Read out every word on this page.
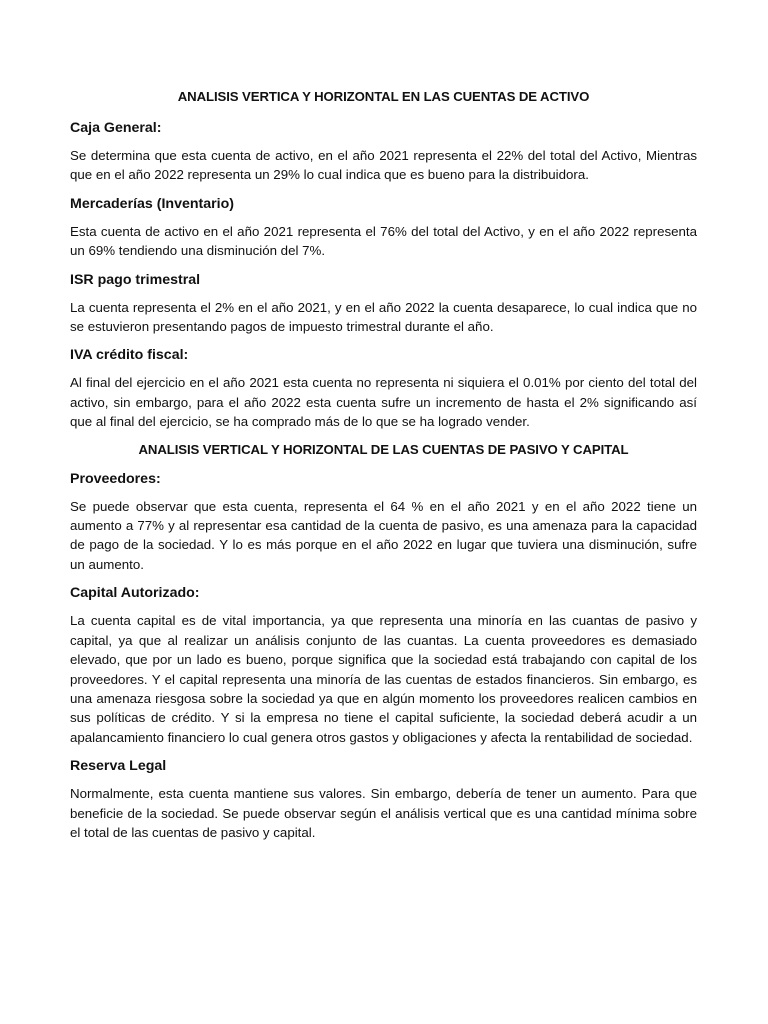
ANALISIS VERTICA Y HORIZONTAL EN LAS CUENTAS DE ACTIVO
Caja General:

Se determina que esta cuenta de activo, en el año 2021 representa el 22% del total del Activo, Mientras que en el año 2022 representa un 29% lo cual indica que es bueno para la distribuidora.

Mercaderías (Inventario)

Esta cuenta de activo en el año 2021 representa el 76% del total del Activo, y en el año 2022 representa un 69% tendiendo una disminución del 7%.

ISR pago trimestral

La cuenta representa el 2% en el año 2021, y en el año 2022 la cuenta desaparece, lo cual indica que no se estuvieron presentando pagos de impuesto trimestral durante el año.

IVA crédito fiscal:

Al final del ejercicio en el año 2021 esta cuenta no representa ni siquiera el 0.01% por ciento del total del activo, sin embargo, para el año 2022 esta cuenta sufre un incremento de hasta el 2% significando así que al final del ejercicio, se ha comprado más de lo que se ha logrado vender.

ANALISIS VERTICAL Y HORIZONTAL DE LAS CUENTAS DE PASIVO Y CAPITAL
Proveedores:

Se puede observar que esta cuenta, representa el 64 % en el año 2021 y en el año 2022 tiene un aumento a 77% y al representar esa cantidad de la cuenta de pasivo, es una amenaza para la capacidad de pago de la sociedad. Y lo es más porque en el año 2022 en lugar que tuviera una disminución, sufre un aumento.

Capital Autorizado:

La cuenta capital es de vital importancia, ya que representa una minoría en las cuantas de pasivo y capital, ya que al realizar un análisis conjunto de las cuantas. La cuenta proveedores es demasiado elevado, que por un lado es bueno, porque significa que la sociedad está trabajando con capital de los proveedores. Y el capital representa una minoría de las cuentas de estados financieros. Sin embargo, es una amenaza riesgosa sobre la sociedad ya que en algún momento los proveedores realicen cambios en sus políticas de crédito. Y si la empresa no tiene el capital suficiente, la sociedad deberá acudir a un apalancamiento financiero lo cual genera otros gastos y obligaciones y afecta la rentabilidad de sociedad.

Reserva Legal

Normalmente, esta cuenta mantiene sus valores. Sin embargo, debería de tener un aumento. Para que beneficie de la sociedad. Se puede observar según el análisis vertical que es una cantidad mínima sobre el total de las cuentas de pasivo y capital.
